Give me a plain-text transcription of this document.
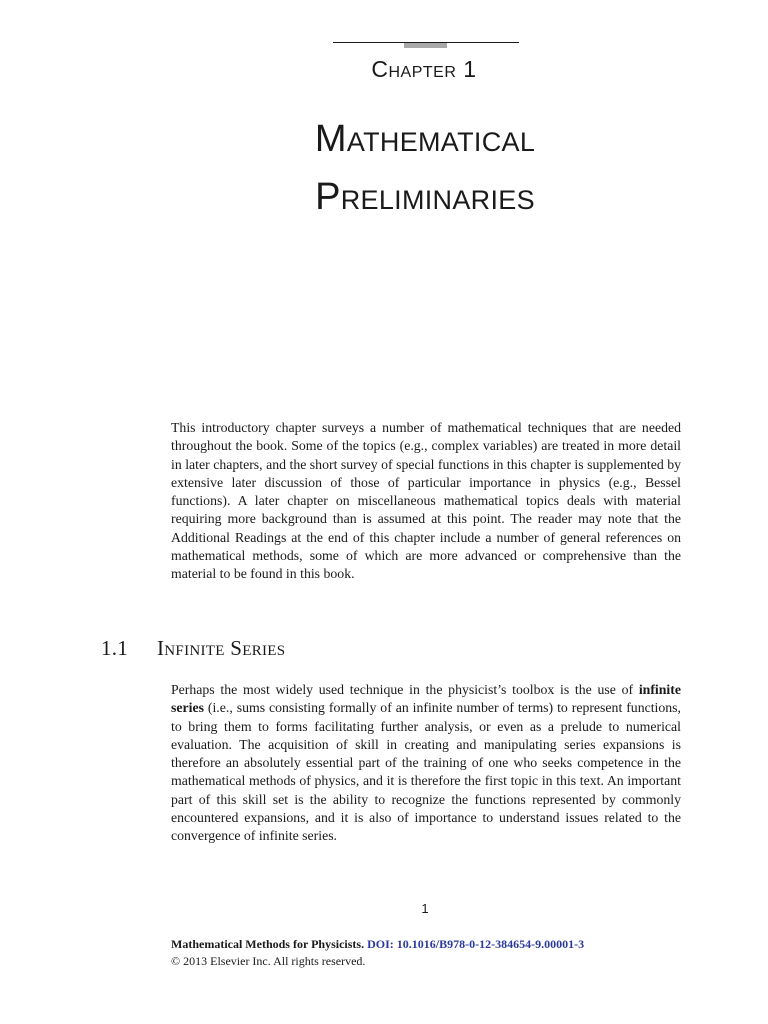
Chapter 1
Mathematical
Preliminaries

This introductory chapter surveys a number of mathematical techniques that are needed throughout the book. Some of the topics (e.g., complex variables) are treated in more detail in later chapters, and the short survey of special functions in this chapter is supplemented by extensive later discussion of those of particular importance in physics (e.g., Bessel functions). A later chapter on miscellaneous mathematical topics deals with material requiring more background than is assumed at this point. The reader may note that the Additional Readings at the end of this chapter include a number of general references on mathematical methods, some of which are more advanced or comprehensive than the material to be found in this book.

1.1 Infinite Series

Perhaps the most widely used technique in the physicist’s toolbox is the use of infinite series (i.e., sums consisting formally of an infinite number of terms) to represent functions, to bring them to forms facilitating further analysis, or even as a prelude to numerical evaluation. The acquisition of skill in creating and manipulating series expansions is therefore an absolutely essential part of the training of one who seeks competence in the mathematical methods of physics, and it is therefore the first topic in this text. An important part of this skill set is the ability to recognize the functions represented by commonly encountered expansions, and it is also of importance to understand issues related to the convergence of infinite series.

1
Mathematical Methods for Physicists. DOI: 10.1016/B978-0-12-384654-9.00001-3
© 2013 Elsevier Inc. All rights reserved.
